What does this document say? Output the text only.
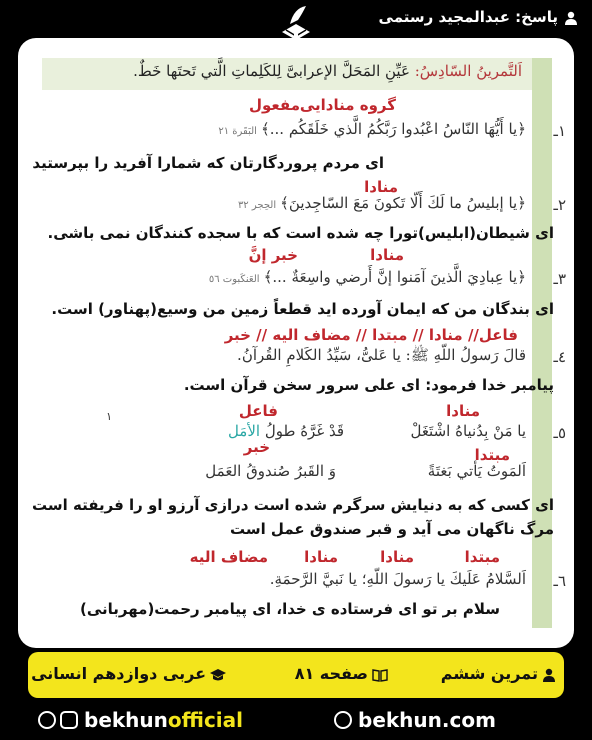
پاسخ: عبدالمجید رستمی
اَلتَّمرینُ السّادِسُ: عَیِّنِ المَحَلَّ الإعرابیَّ لِلکَلِماتِ الَّتي تَحتَها خَطٌ.
گروه منادایی
مفعول
١ـ
﴿یا أَیُّهَا النّاسُ اعْبُدوا رَبَّکُمُ الَّذي خَلَقَکُم ...﴾البَقَرة ٢١
ای مردم پروردگارتان که شمارا آفرید را بپرستید
منادا
٢ـ
﴿یا إبلیسُ ما لَكَ أَلّا تَکونَ مَعَ السّاجِدینَ﴾الحِجر ٣٢
ای شیطان(ابلیس)تورا چه شده است که با سجده کنندگان نمی باشی.
منادا
خبر إنَّ
٣ـ
﴿یا عِبادِيَ الَّذینَ آمَنوا إنَّ أَرضي واسِعَةٌ ...﴾العَنکَبوت ٥٦
ای بندگان من که ایمان آورده اید قطعاً زمین من وسیع(پهناور) است.
فاعل// منادا // مبتدا // مضاف الیه // خبر
٤ـ
قالَ رَسولُ اللّهِ ﷺ: یا عَلیُّ، سَیِّدُ الکَلامِ القُرآنُ.
پیامبر خدا فرمود: ای علی سرور سخن قرآن است.
منادا
فاعل
٥ـ
یا مَنْ بِدُنیاهُ اشْتَغَلْ
قَدْ غَرَّهُ طولُ الأمَل
١
مبتدا
خبر
اَلمَوتُ یَأتي بَغتَةً
وَ القَبرُ صُندوقُ العَمَل
ای کسی که به دنیایش سرگرم شده است درازی آرزو او را فریفته است
مرگ ناگهان می آید و قبر صندوق عمل است
مبتدا
منادا
منادا
مضاف الیه
٦ـ
اَلسَّلامُ عَلَیكَ یا رَسولَ اللّهِ؛ یا نَبيَّ الرَّحمَةِ.
سلام بر تو ای فرستاده ی خدا، ای پیامبر رحمت(مهربانی)
تمرین ششم
صفحه ٨١
عربی دوازدهم انسانی
bekhunofficial	bekhun.com
